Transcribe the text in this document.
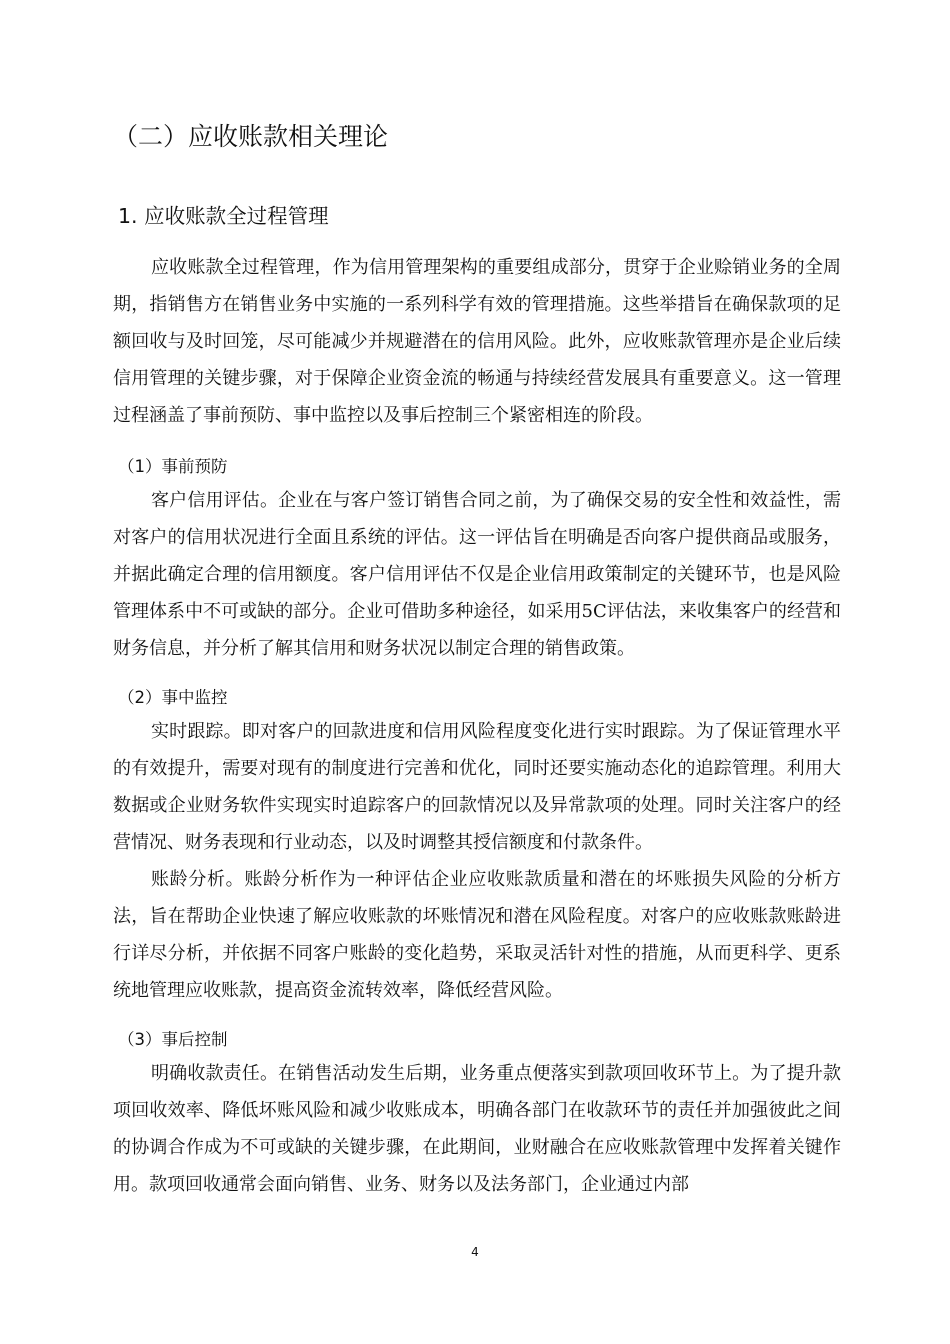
（二）应收账款相关理论
1. 应收账款全过程管理

应收账款全过程管理，作为信用管理架构的重要组成部分，贯穿于企业赊销业务的全周期，指销售方在销售业务中实施的一系列科学有效的管理措施。这些举措旨在确保款项的足额回收与及时回笼，尽可能减少并规避潜在的信用风险。此外，应收账款管理亦是企业后续信用管理的关键步骤，对于保障企业资金流的畅通与持续经营发展具有重要意义。这一管理过程涵盖了事前预防、事中监控以及事后控制三个紧密相连的阶段。

（1）事前预防

客户信用评估。企业在与客户签订销售合同之前，为了确保交易的安全性和效益性，需对客户的信用状况进行全面且系统的评估。这一评估旨在明确是否向客户提供商品或服务，并据此确定合理的信用额度。客户信用评估不仅是企业信用政策制定的关键环节，也是风险管理体系中不可或缺的部分。企业可借助多种途径，如采用5C评估法，来收集客户的经营和财务信息，并分析了解其信用和财务状况以制定合理的销售政策。

（2）事中监控

实时跟踪。即对客户的回款进度和信用风险程度变化进行实时跟踪。为了保证管理水平的有效提升，需要对现有的制度进行完善和优化，同时还要实施动态化的追踪管理。利用大数据或企业财务软件实现实时追踪客户的回款情况以及异常款项的处理。同时关注客户的经营情况、财务表现和行业动态，以及时调整其授信额度和付款条件。

账龄分析。账龄分析作为一种评估企业应收账款质量和潜在的坏账损失风险的分析方法，旨在帮助企业快速了解应收账款的坏账情况和潜在风险程度。对客户的应收账款账龄进行详尽分析，并依据不同客户账龄的变化趋势，采取灵活针对性的措施，从而更科学、更系统地管理应收账款，提高资金流转效率，降低经营风险。

（3）事后控制

明确收款责任。在销售活动发生后期，业务重点便落实到款项回收环节上。为了提升款项回收效率、降低坏账风险和减少收账成本，明确各部门在收款环节的责任并加强彼此之间的协调合作成为不可或缺的关键步骤，在此期间，业财融合在应收账款管理中发挥着关键作用。款项回收通常会面向销售、业务、财务以及法务部门，企业通过内部

4
